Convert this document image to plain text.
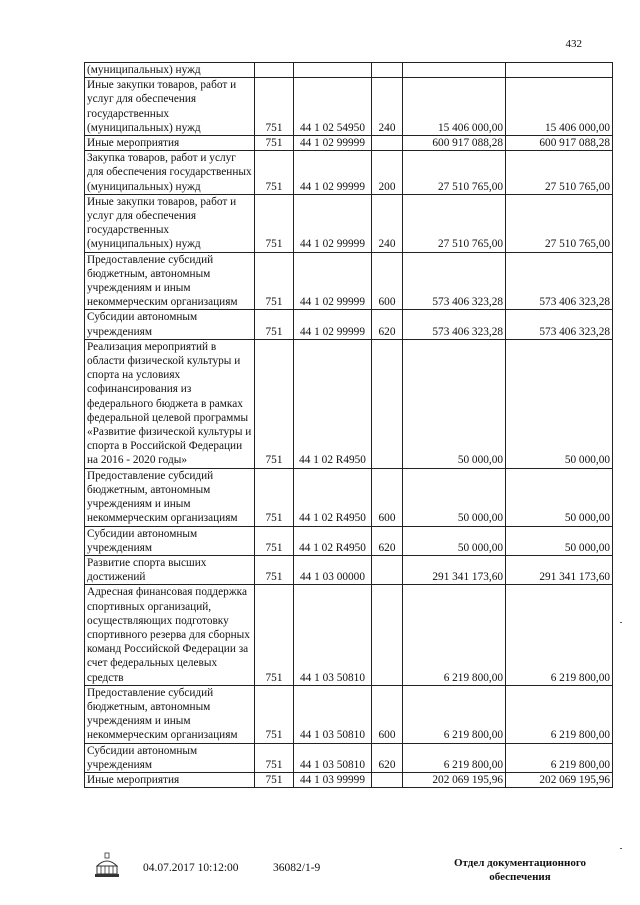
432
(муниципальных) нужд					
Иные закупки товаров, работ и услуг для обеспечения государственных (муниципальных) нужд	751	44 1 02 54950	240	15 406 000,00	15 406 000,00
Иные мероприятия	751	44 1 02 99999		600 917 088,28	600 917 088,28
Закупка товаров, работ и услуг для обеспечения государственных (муниципальных) нужд	751	44 1 02 99999	200	27 510 765,00	27 510 765,00
Иные закупки товаров, работ и услуг для обеспечения государственных (муниципальных) нужд	751	44 1 02 99999	240	27 510 765,00	27 510 765,00
Предоставление субсидий бюджетным, автономным учреждениям и иным некоммерческим организациям	751	44 1 02 99999	600	573 406 323,28	573 406 323,28
Субсидии автономным учреждениям	751	44 1 02 99999	620	573 406 323,28	573 406 323,28
Реализация мероприятий в области физической культуры и спорта на условиях софинансирования из федерального бюджета в рамках федеральной целевой программы «Развитие физической культуры и спорта в Российской Федерации на 2016 - 2020 годы»	751	44 1 02 R4950		50 000,00	50 000,00
Предоставление субсидий бюджетным, автономным учреждениям и иным некоммерческим организациям	751	44 1 02 R4950	600	50 000,00	50 000,00
Субсидии автономным учреждениям	751	44 1 02 R4950	620	50 000,00	50 000,00
Развитие спорта высших достижений	751	44 1 03 00000		291 341 173,60	291 341 173,60
Адресная финансовая поддержка спортивных организаций, осуществляющих подготовку спортивного резерва для сборных команд Российской Федерации за счет федеральных целевых средств	751	44 1 03 50810		6 219 800,00	6 219 800,00
Предоставление субсидий бюджетным, автономным учреждениям и иным некоммерческим организациям	751	44 1 03 50810	600	6 219 800,00	6 219 800,00
Субсидии автономным учреждениям	751	44 1 03 50810	620	6 219 800,00	6 219 800,00
Иные мероприятия	751	44 1 03 99999		202 069 195,96	202 069 195,96
04.07.2017 10:12:00	36082/1-9	Отдел документационного обеспечения
